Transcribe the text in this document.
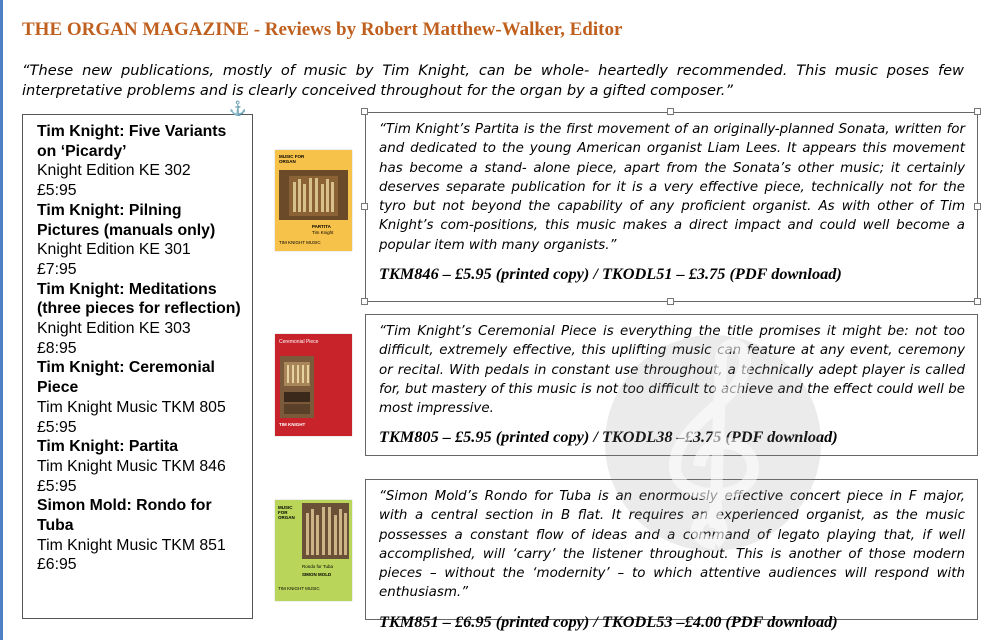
THE ORGAN MAGAZINE - Reviews by Robert Matthew-Walker, Editor
“These new publications, mostly of music by Tim Knight, can be whole- heartedly recommended. This music poses few interpretative problems and is clearly conceived throughout for the organ by a gifted composer.”
Tim Knight: Five Variants on ‘Picardy’
Knight Edition KE 302
£5:95
Tim Knight: Pilning Pictures (manuals only)
Knight Edition KE 301
£7:95
Tim Knight: Meditations (three pieces for reflection)
Knight Edition KE 303
£8:95
Tim Knight: Ceremonial Piece
Tim Knight Music TKM 805
£5:95
Tim Knight: Partita
Tim Knight Music TKM 846
£5:95
Simon Mold: Rondo for Tuba
Tim Knight Music TKM 851
£6:95
⚓
MUSIC FOR ORGAN
PARTITA
Tim Knight
TIM KNIGHT MUSIC
Ceremonial Piece
TIM KNIGHT
MUSIC FOR ORGAN
Rondo for Tuba
SIMON MOLD
TIM KNIGHT MUSIC
“Tim Knight’s Partita is the first movement of an originally-planned Sonata, written for and dedicated to the young American organist Liam Lees. It appears this movement has become a stand- alone piece, apart from the Sonata’s other music; it certainly deserves separate publication for it is a very effective piece, technically not for the tyro but not beyond the capability of any proficient organist. As with other of Tim Knight’s com-positions, this music makes a direct impact and could well become a popular item with many organists.”
TKM846 – £5.95 (printed copy) / TKODL51 – £3.75 (PDF download)
“Tim Knight’s Ceremonial Piece is everything the title promises it might be: not too difficult, extremely effective, this uplifting music can feature at any event, ceremony or recital. With pedals in constant use throughout, a technically adept player is called for, but mastery of this music is not too difficult to achieve and the effect could well be most impressive.
TKM805 – £5.95 (printed copy) / TKODL38 –£3.75 (PDF download)
“Simon Mold’s Rondo for Tuba is an enormously effective concert piece in F major, with a central section in B flat. It requires an experienced organist, as the music possesses a constant flow of ideas and a command of legato playing that, if well accomplished, will ‘carry’ the listener throughout. This is another of those modern pieces – without the ‘modernity’ – to which attentive audiences will respond with enthusiasm.”
TKM851 – £6.95 (printed copy) / TKODL53 –£4.00 (PDF download)
